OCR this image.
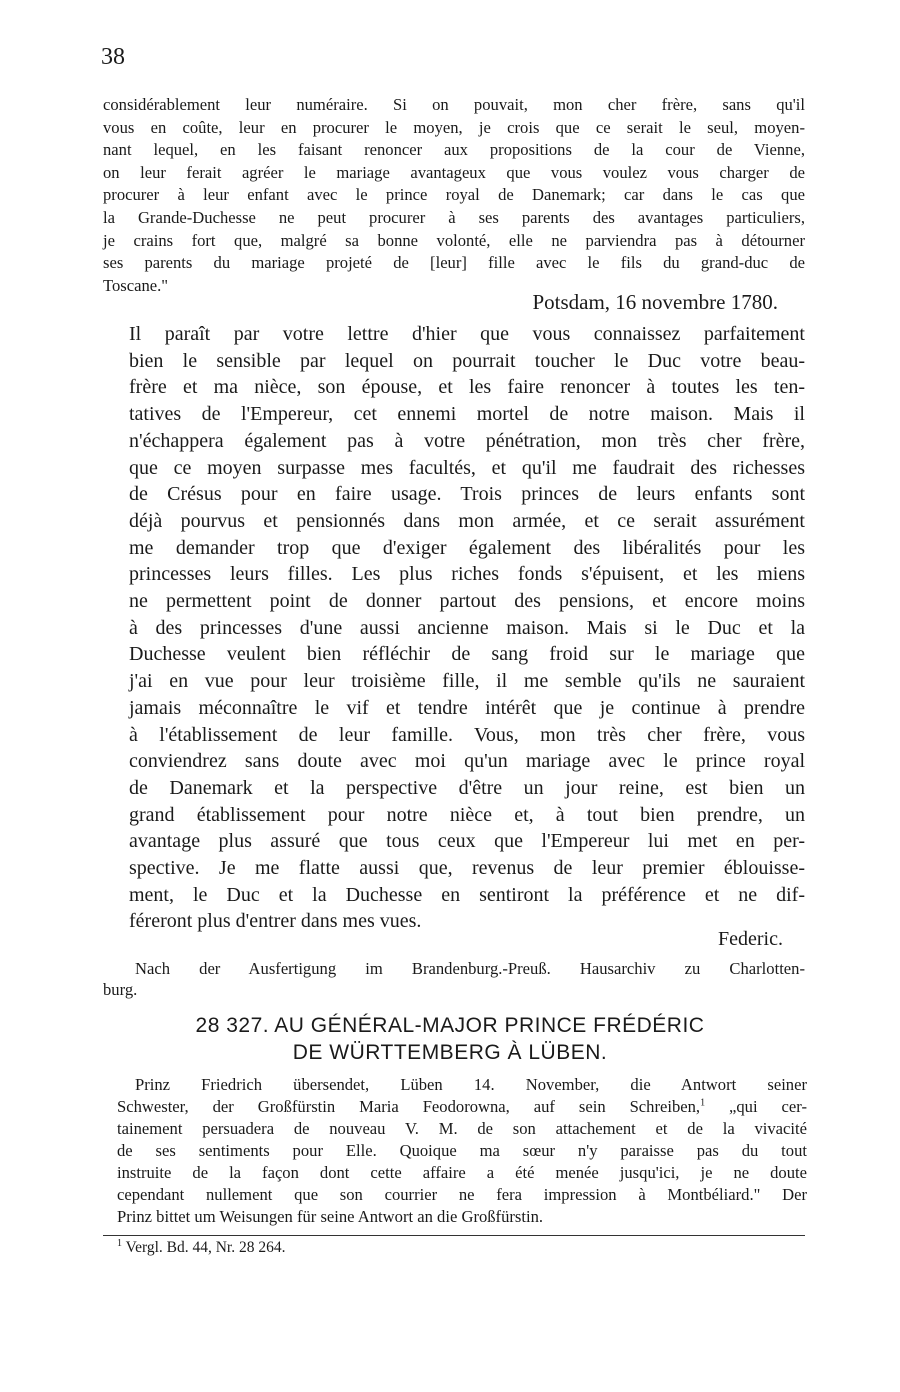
38
considérablement leur numéraire. Si on pouvait, mon cher frère, sans qu'il
vous en coûte, leur en procurer le moyen, je crois que ce serait le seul, moyen-
nant lequel, en les faisant renoncer aux propositions de la cour de Vienne,
on leur ferait agréer le mariage avantageux que vous voulez vous charger de
procurer à leur enfant avec le prince royal de Danemark; car dans le cas que
la Grande-Duchesse ne peut procurer à ses parents des avantages particuliers,
je crains fort que, malgré sa bonne volonté, elle ne parviendra pas à détourner
ses parents du mariage projeté de [leur] fille avec le fils du grand-duc de
Toscane."
Potsdam, 16 novembre 1780.
Il paraît par votre lettre d'hier que vous connaissez parfaitement
bien le sensible par lequel on pourrait toucher le Duc votre beau-
frère et ma nièce, son épouse, et les faire renoncer à toutes les ten-
tatives de l'Empereur, cet ennemi mortel de notre maison. Mais il
n'échappera également pas à votre pénétration, mon très cher frère,
que ce moyen surpasse mes facultés, et qu'il me faudrait des richesses
de Crésus pour en faire usage. Trois princes de leurs enfants sont
déjà pourvus et pensionnés dans mon armée, et ce serait assurément
me demander trop que d'exiger également des libéralités pour les
princesses leurs filles. Les plus riches fonds s'épuisent, et les miens
ne permettent point de donner partout des pensions, et encore moins
à des princesses d'une aussi ancienne maison. Mais si le Duc et la
Duchesse veulent bien réfléchir de sang froid sur le mariage que
j'ai en vue pour leur troisième fille, il me semble qu'ils ne sauraient
jamais méconnaître le vif et tendre intérêt que je continue à prendre
à l'établissement de leur famille. Vous, mon très cher frère, vous
conviendrez sans doute avec moi qu'un mariage avec le prince royal
de Danemark et la perspective d'être un jour reine, est bien un
grand établissement pour notre nièce et, à tout bien prendre, un
avantage plus assuré que tous ceux que l'Empereur lui met en per-
spective. Je me flatte aussi que, revenus de leur premier éblouisse-
ment, le Duc et la Duchesse en sentiront la préférence et ne dif-
féreront plus d'entrer dans mes vues.
Federic.
Nach der Ausfertigung im Brandenburg.-Preuß. Hausarchiv zu Charlotten-
burg.
28 327. AU GÉNÉRAL-MAJOR PRINCE FRÉDÉRIC
DE WÜRTTEMBERG À LÜBEN.
Prinz Friedrich übersendet, Lüben 14. November, die Antwort seiner
Schwester, der Großfürstin Maria Feodorowna, auf sein Schreiben,$^1$ „qui cer-
tainement persuadera de nouveau V. M. de son attachement et de la vivacité
de ses sentiments pour Elle. Quoique ma sœur n'y paraisse pas du tout
instruite de la façon dont cette affaire a été menée jusqu'ici, je ne doute
cependant nullement que son courrier ne fera impression à Montbéliard." Der
Prinz bittet um Weisungen für seine Antwort an die Großfürstin.
$^1$ Vergl. Bd. 44, Nr. 28 264.
